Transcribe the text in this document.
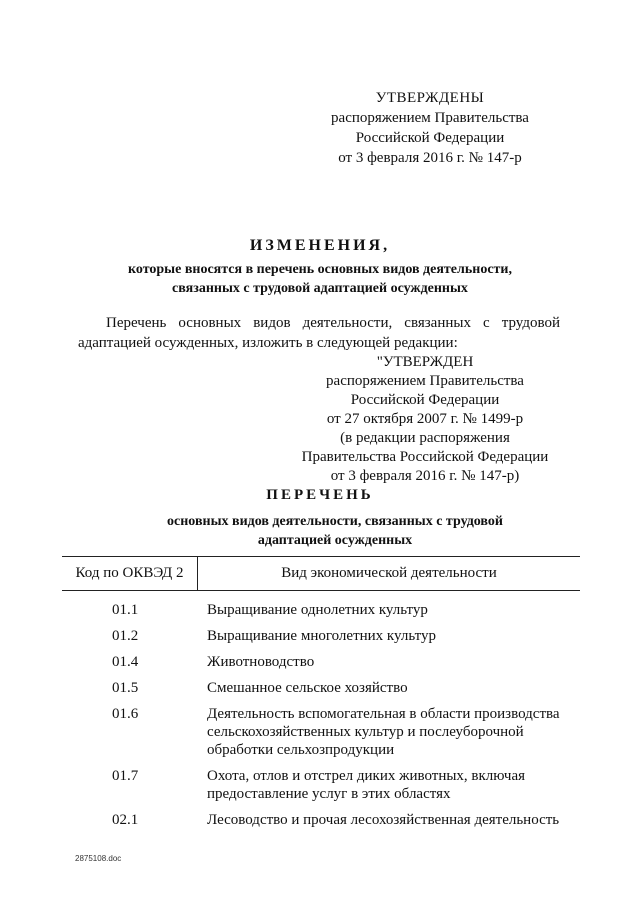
УТВЕРЖДЕНЫ
распоряжением Правительства
Российской Федерации
от 3 февраля 2016 г. № 147-р
ИЗМЕНЕНИЯ,
которые вносятся в перечень основных видов деятельности,
связанных с трудовой адаптацией осужденных
Перечень основных видов деятельности, связанных с трудовой адаптацией осужденных, изложить в следующей редакции:
"УТВЕРЖДЕН
распоряжением Правительства
Российской Федерации
от 27 октября 2007 г. № 1499-р
(в редакции распоряжения
Правительства Российской Федерации
от 3 февраля 2016 г. № 147-р)
ПЕРЕЧЕНЬ
основных видов деятельности, связанных с трудовой
адаптацией осужденных
Код по ОКВЭД 2	Вид экономической деятельности
01.1	Выращивание однолетних культур
01.2	Выращивание многолетних культур
01.4	Животноводство
01.5	Смешанное сельское хозяйство
01.6	Деятельность вспомогательная в области производства
сельскохозяйственных культур и послеуборочной
обработки сельхозпродукции
01.7	Охота, отлов и отстрел диких животных, включая
предоставление услуг в этих областях
02.1	Лесоводство и прочая лесохозяйственная деятельность
2875108.doc
